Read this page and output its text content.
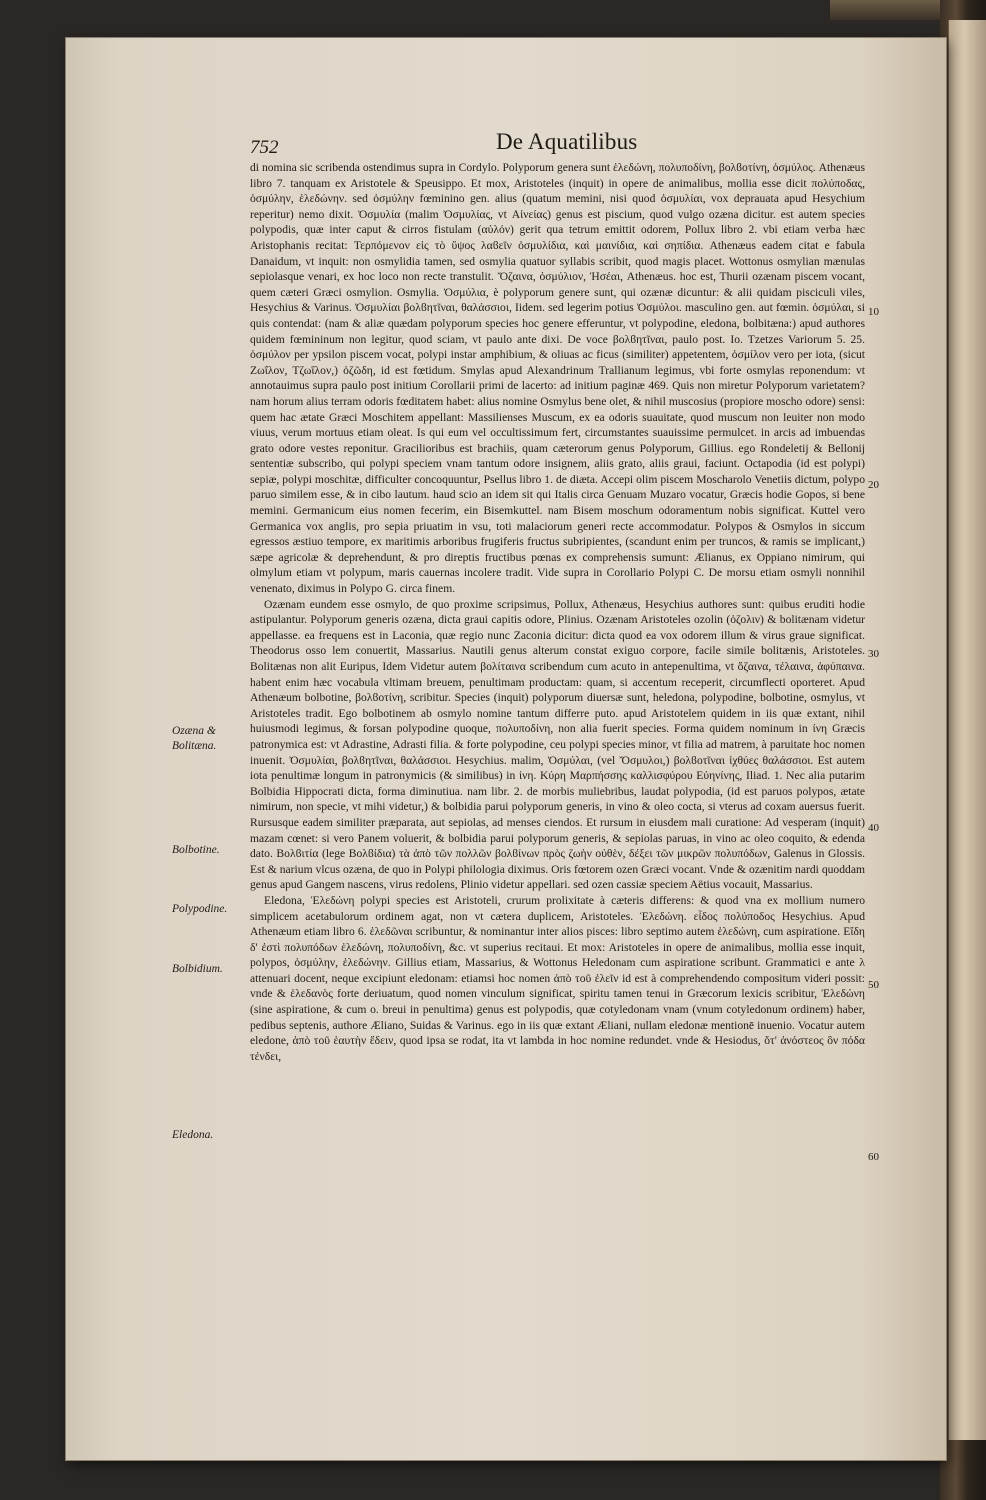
752	De Aquatilibus

di nomina sic scribenda ostendimus supra in Cordylo. Polyporum genera sunt ἑλεδώνη, πολυποδίνη, βολϐοτίνη, ὀσμύλος. Athenæus libro 7. tanquam ex Aristotele & Speusippo. Et mox, Aristoteles (inquit) in opere de animalibus, mollia esse dicit πολύποδας, ὀσμύλην, ἑλεδώνην. sed ὀσμύλην fœminino gen. alius (quatum memini, nisi quod ὀσμυλίαι, vox deprauata apud Hesychium reperitur) nemo dixit. Ὀσμυλία (malim Ὀσμυλίας, vt Αἰνείας) genus est piscium, quod vulgo ozæna dicitur. est autem species polypodis, quæ inter caput & cirros fistulam (αὐλόν) gerit qua tetrum emittit odorem, Pollux libro 2. vbi etiam verba hæc Aristophanis recitat: Τερπόμενον εἰς τὸ ὕψος λαϐεῖν ὀσμυλίδια, καὶ μαινίδια, καὶ σηπίδια. Athenæus eadem citat e fabula Danaidum, vt inquit: non osmylidia tamen, sed osmylia quatuor syllabis scribit, quod magis placet. Wottonus osmylian mænulas sepiolasque venari, ex hoc loco non recte transtulit. Ὄζαινα, ὀσμύλιον, Ἠσέαι, Athenæus. hoc est, Thurii ozænam piscem vocant, quem cæteri Græci osmylion. Osmylia. Ὀσμύλια, è polyporum genere sunt, qui ozænæ dicuntur: & alii quidam pisciculi viles, Hesychius & Varinus. Ὀσμυλίαι βολϐητῖναι, θαλάσσιοι, Iidem. sed legerim potius Ὀσμύλοι. masculino gen. aut fœmin. ὀσμύλαι, si quis contendat: (nam & aliæ quædam polyporum species hoc genere efferuntur, vt polypodine, eledona, bolbitæna:) apud authores quidem fœmininum non legitur, quod sciam, vt paulo ante dixi. De voce βολϐητῖναι, paulo post. Io. Tzetzes Variorum 5. 25. ὀσμύλον per ypsilon piscem vocat, polypi instar amphibium, & oliuas ac ficus (similiter) appetentem, ὀσμίλον vero per iota, (sicut Ζωΐλον, Τζωΐλον,) ὀζῶδη, id est fœtidum. Smylas apud Alexandrinum Trallianum legimus, vbi forte osmylas reponendum: vt annotauimus supra paulo post initium Corollarii primi de lacerto: ad initium paginæ 469. Quis non miretur Polyporum varietatem? nam horum alius terram odoris fœditatem habet: alius nomine Osmylus bene olet, & nihil muscosius (propiore moscho odore) sensi: quem hac ætate Græci Moschitem appellant: Massilienses Muscum, ex ea odoris suauitate, quod muscum non leuiter non modo viuus, verum mortuus etiam oleat. Is qui eum vel occultissimum fert, circumstantes suauissime permulcet. in arcis ad imbuendas grato odore vestes reponitur. Gracilioribus est brachiis, quam cæterorum genus Polyporum, Gillius. ego Rondeletij & Bellonij sententiæ subscribo, qui polypi speciem vnam tantum odore insignem, aliis grato, aliis graui, faciunt. Octapodia (id est polypi) sepiæ, polypi moschitæ, difficulter concoquuntur, Psellus libro 1. de diæta. Accepi olim piscem Moscharolo Venetiis dictum, polypo paruo similem esse, & in cibo lautum. haud scio an idem sit qui Italis circa Genuam Muzaro vocatur, Græcis hodie Gopos, si bene memini. Germanicum eius nomen fecerim, ein Bisemkuttel. nam Bisem moschum odoramentum nobis significat. Kuttel vero Germanica vox anglis, pro sepia priuatim in vsu, toti malaciorum generi recte accommodatur. Polypos & Osmylos in siccum egressos æstiuo tempore, ex maritimis arboribus frugiferis fructus subripientes, (scandunt enim per truncos, & ramis se implicant,) sæpe agricolæ & deprehendunt, & pro direptis fructibus pœnas ex comprehensis sumunt: Ælianus, ex Oppiano nimirum, qui olmylum etiam vt polypum, maris cauernas incolere tradit. Vide supra in Corollario Polypi C. De morsu etiam osmyli nonnihil venenato, diximus in Polypo G. circa finem.

Ozænam eundem esse osmylo, de quo proxime scripsimus, Pollux, Athenæus, Hesychius authores sunt: quibus eruditi hodie astipulantur. Polyporum generis ozæna, dicta graui capitis odore, Plinius. Ozænam Aristoteles ozolin (ὀζολιν) & bolitænam videtur appellasse. ea frequens est in Laconia, quæ regio nunc Zaconia dicitur: dicta quod ea vox odorem illum & virus graue significat. Theodorus osso lem conuertit, Massarius. Nautili genus alterum constat exiguo corpore, facile simile bolitænis, Aristoteles. Bolitænas non alit Euripus, Idem Videtur autem βολίταινα scribendum cum acuto in antepenultima, vt ὄζαινα, τέλαινα, ἀφύπαινα. habent enim hæc vocabula vltimam breuem, penultimam productam: quam, si accentum receperit, circumflecti oporteret. Apud Athenæum bolbotine, βολϐοτίνη, scribitur. Species (inquit) polyporum diuersæ sunt, heledona, polypodine, bolbotine, osmylus, vt Aristoteles tradit. Ego bolbotinem ab osmylo nomine tantum differre puto. apud Aristotelem quidem in iis quæ extant, nihil huiusmodi legimus, & forsan polypodine quoque, πολυποδίνη, non alia fuerit species. Forma quidem nominum in ίνη Græcis patronymica est: vt Adrastine, Adrasti filia. & forte polypodine, ceu polypi species minor, vt filia ad matrem, à paruitate hoc nomen inuenit. Ὀσμυλίαι, βολϐητῖναι, θαλάσσιοι. Hesychius. malim, Ὀσμύλαι, (vel Ὄσμυλοι,) βολϐοτῖναι ἰχθύες θαλάσσιοι. Est autem iota penultimæ longum in patronymicis (& similibus) in ίνη. Κύρη Μαρπήσσης καλλισφύρου Εὐηνίνης, Iliad. 1. Nec alia putarim Bolbidia Hippocrati dicta, forma diminutiua. nam libr. 2. de morbis muliebribus, laudat polypodia, (id est paruos polypos, ætate nimirum, non specie, vt mihi videtur,) & bolbidia parui polyporum generis, in vino & oleo cocta, si vterus ad coxam auersus fuerit. Rursusque eadem similiter præparata, aut sepiolas, ad menses ciendos. Et rursum in eiusdem mali curatione: Ad vesperam (inquit) mazam cœnet: si vero Panem voluerit, & bolbidia parui polyporum generis, & sepiolas paruas, in vino ac oleo coquito, & edenda dato. Βολϐιτία (lege Βολϐίδια) τὰ ἀπὸ τῶν πολλῶν βολϐίνων πρὸς ζωὴν οὐθὲν, δέξει τῶν μικρῶν πολυπόδων, Galenus in Glossis. Est & narium vlcus ozæna, de quo in Polypi philologia diximus. Oris fœtorem ozen Græci vocant. Vnde & ozænitim nardi quoddam genus apud Gangem nascens, virus redolens, Plinio videtur appellari. sed ozen cassiæ speciem Aëtius vocauit, Massarius.

Eledona, Ἑλεδώνη polypi species est Aristoteli, crurum prolixitate à cæteris differens: & quod vna ex mollium numero simplicem acetabulorum ordinem agat, non vt cætera duplicem, Aristoteles. Ἑλεδώνη. εἶδος πολύποδος Hesychius. Apud Athenæum etiam libro 6. ἑλεδῶναι scribuntur, & nominantur inter alios pisces: libro septimo autem ἑλεδώνη, cum aspiratione. Εἴδη δ' ἐστὶ πολυπόδων ἑλεδώνη, πολυποδίνη, &c. vt superius recitaui. Et mox: Aristoteles in opere de animalibus, mollia esse inquit, polypos, ὀσμύλην, ἑλεδώνην. Gillius etiam, Massarius, & Wottonus Heledonam cum aspiratione scribunt. Grammatici e ante λ attenuari docent, neque excipiunt eledonam: etiamsi hoc nomen ἀπὸ τοῦ ἑλεῖν id est à comprehendendo compositum videri possit: vnde & ἑλεδανὸς forte deriuatum, quod nomen vinculum significat, spiritu tamen tenui in Græcorum lexicis scribitur, Ἐλεδώνη (sine aspiratione, & cum o. breui in penultima) genus est polypodis, quæ cotyledonam vnam (vnum cotyledonum ordinem) haber, pedibus septenis, authore Æliano, Suidas & Varinus. ego in iis quæ extant Æliani, nullam eledonæ mentionē inuenio. Vocatur autem eledone, ἀπὸ τοῦ ἑαυτὴν ἔδειν, quod ipsa se rodat, ita vt lambda in hoc nomine redundet. vnde & Hesiodus, ὅτ' ἀνόστεος ὃν πόδα τένδει,

Ozæna & Bolitæna.
Bolbotine.
Polypodine.
Bolbidium.
Eledona.
10
20
30
40
50
60
